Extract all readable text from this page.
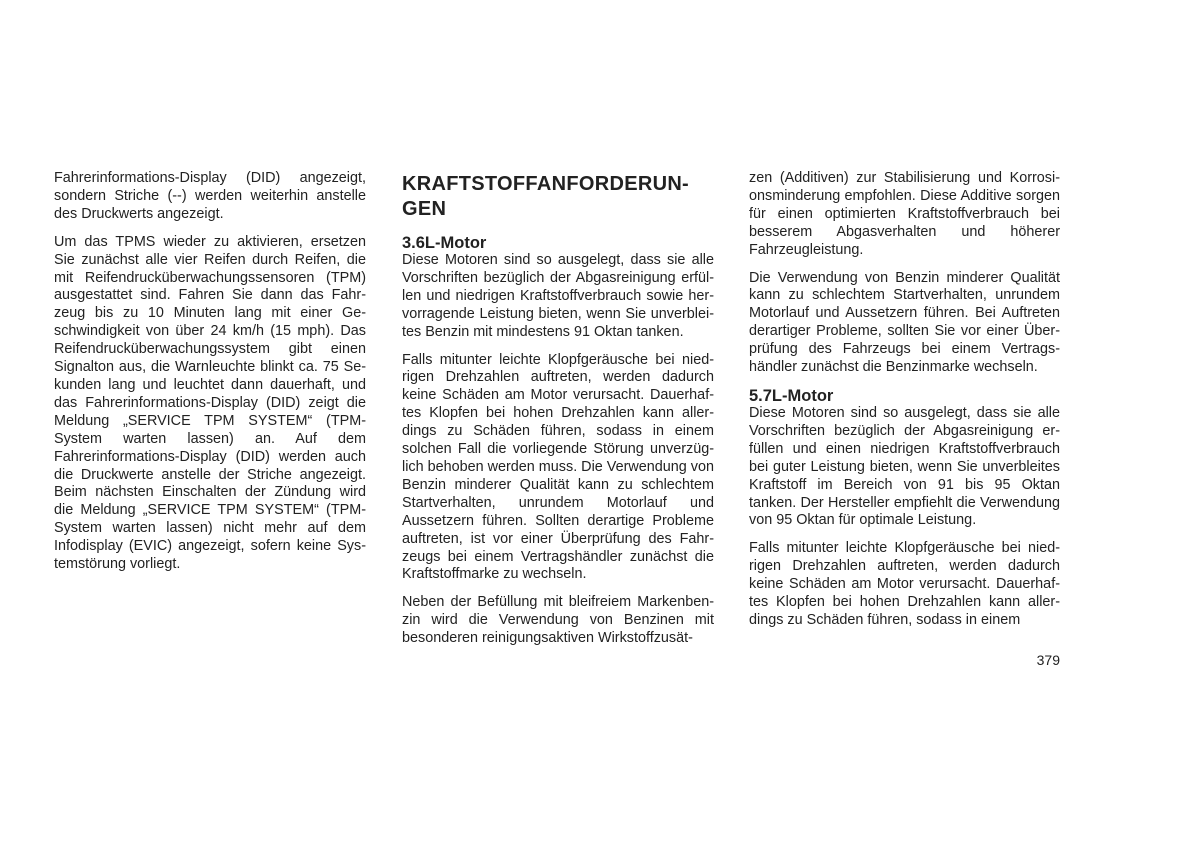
Fahrerinformations-Display (DID) angezeigt, sondern Striche (--) werden weiterhin anstelle des Druckwerts angezeigt.

Um das TPMS wieder zu aktivieren, ersetzen Sie zunächst alle vier Reifen durch Reifen, die mit Reifendrucküberwachungssensoren (TPM) ausgestattet sind. Fahren Sie dann das Fahrzeug bis zu 10 Minuten lang mit einer Geschwindigkeit von über 24 km/h (15 mph). Das Reifendrucküberwachungssystem gibt einen Signalton aus, die Warnleuchte blinkt ca. 75 Sekunden lang und leuchtet dann dauerhaft, und das Fahrerinformations-Display (DID) zeigt die Meldung „SERVICE TPM SYSTEM“ (TPM-System warten lassen) an. Auf dem Fahrerinformations-Display (DID) werden auch die Druckwerte anstelle der Striche angezeigt. Beim nächsten Einschalten der Zündung wird die Meldung „SERVICE TPM SYSTEM“ (TPM-System warten lassen) nicht mehr auf dem Infodisplay (EVIC) angezeigt, sofern keine Systemstörung vorliegt.

KRAFTSTOFFANFORDERUN-
GEN
3.6L-Motor

Diese Motoren sind so ausgelegt, dass sie alle Vorschriften bezüglich der Abgasreinigung erfüllen und niedrigen Kraftstoffverbrauch sowie hervorragende Leistung bieten, wenn Sie unverbleites Benzin mit mindestens 91 Oktan tanken.

Falls mitunter leichte Klopfgeräusche bei niedrigen Drehzahlen auftreten, werden dadurch keine Schäden am Motor verursacht. Dauerhaftes Klopfen bei hohen Drehzahlen kann allerdings zu Schäden führen, sodass in einem solchen Fall die vorliegende Störung unverzüglich behoben werden muss. Die Verwendung von Benzin minderer Qualität kann zu schlechtem Startverhalten, unrundem Motorlauf und Aussetzern führen. Sollten derartige Probleme auftreten, ist vor einer Überprüfung des Fahrzeugs bei einem Vertragshändler zunächst die Kraftstoffmarke zu wechseln.

Neben der Befüllung mit bleifreiem Markenbenzin wird die Verwendung von Benzinen mit besonderen reinigungsaktiven Wirkstoffzusät-

zen (Additiven) zur Stabilisierung und Korrosionsminderung empfohlen. Diese Additive sorgen für einen optimierten Kraftstoffverbrauch bei besserem Abgasverhalten und höherer Fahrzeugleistung.

Die Verwendung von Benzin minderer Qualität kann zu schlechtem Startverhalten, unrundem Motorlauf und Aussetzern führen. Bei Auftreten derartiger Probleme, sollten Sie vor einer Überprüfung des Fahrzeugs bei einem Vertragshändler zunächst die Benzinmarke wechseln.

5.7L-Motor

Diese Motoren sind so ausgelegt, dass sie alle Vorschriften bezüglich der Abgasreinigung erfüllen und einen niedrigen Kraftstoffverbrauch bei guter Leistung bieten, wenn Sie unverbleites Kraftstoff im Bereich von 91 bis 95 Oktan tanken. Der Hersteller empfiehlt die Verwendung von 95 Oktan für optimale Leistung.

Falls mitunter leichte Klopfgeräusche bei niedrigen Drehzahlen auftreten, werden dadurch keine Schäden am Motor verursacht. Dauerhaftes Klopfen bei hohen Drehzahlen kann allerdings zu Schäden führen, sodass in einem

379
